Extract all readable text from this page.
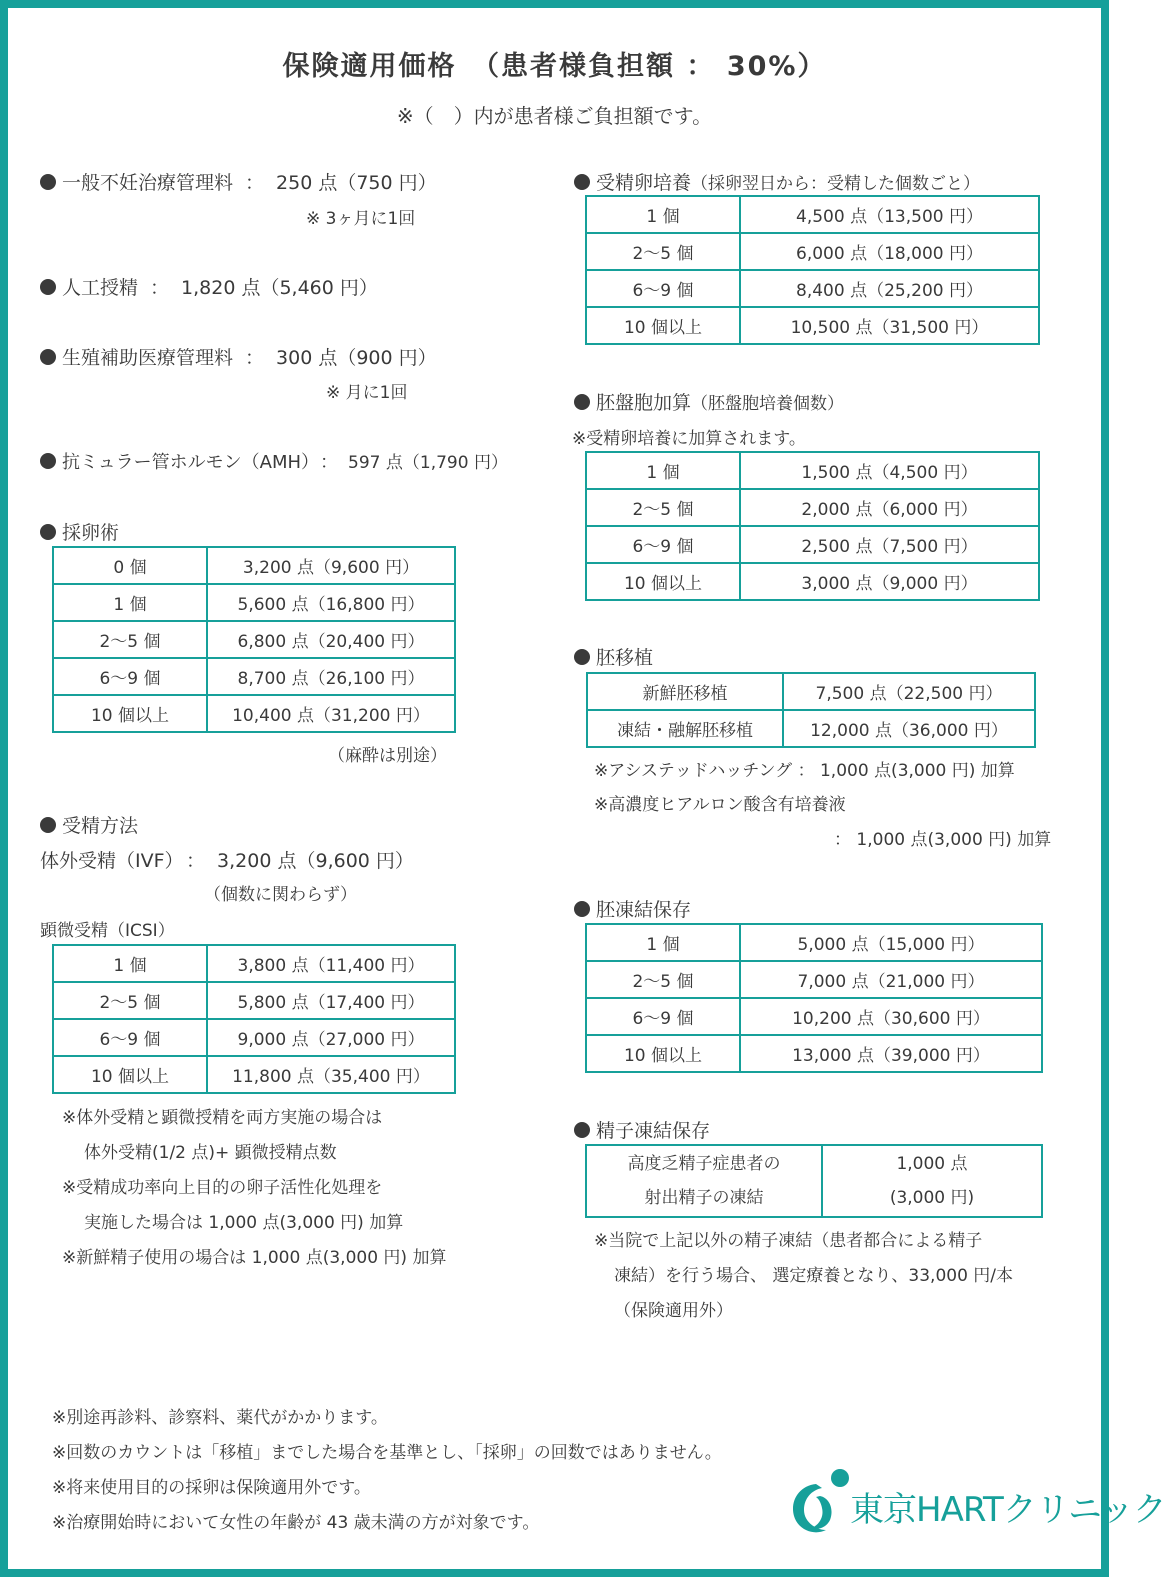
保険適用価格　（患者様負担額 ： 30%）
※（　）内が患者様ご負担額です。
一般不妊治療管理料 ： 250 点（750 円）
※ 3ヶ月に1回
人工授精 ： 1,820 点（5,460 円）
生殖補助医療管理料 ： 300 点（900 円）
※ 月に1回
抗ミュラー管ホルモン（AMH） ： 597 点（1,790 円）
採卵術
0 個	3,200 点（9,600 円）
1 個	5,600 点（16,800 円）
2〜5 個	6,800 点（20,400 円）
6〜9 個	8,700 点（26,100 円）
10 個以上	10,400 点（31,200 円）
（麻酔は別途）
受精方法
体外受精（IVF） ： 3,200 点（9,600 円）
（個数に関わらず）
顕微受精（ICSI）
1 個	3,800 点（11,400 円）
2〜5 個	5,800 点（17,400 円）
6〜9 個	9,000 点（27,000 円）
10 個以上	11,800 点（35,400 円）
※体外受精と顕微授精を両方実施の場合は
体外受精(1/2 点)+ 顕微授精点数
※受精成功率向上目的の卵子活性化処理を
実施した場合は 1,000 点(3,000 円) 加算
※新鮮精子使用の場合は 1,000 点(3,000 円) 加算
受精卵培養（採卵翌日から：受精した個数ごと）
1 個	4,500 点（13,500 円）
2〜5 個	6,000 点（18,000 円）
6〜9 個	8,400 点（25,200 円）
10 個以上	10,500 点（31,500 円）
胚盤胞加算（胚盤胞培養個数）
※受精卵培養に加算されます。
1 個	1,500 点（4,500 円）
2〜5 個	2,000 点（6,000 円）
6〜9 個	2,500 点（7,500 円）
10 個以上	3,000 点（9,000 円）
胚移植
新鮮胚移植	7,500 点（22,500 円）
凍結・融解胚移植	12,000 点（36,000 円）
※アシステッドハッチング ： 1,000 点(3,000 円) 加算
※高濃度ヒアルロン酸含有培養液
： 1,000 点(3,000 円) 加算
胚凍結保存
1 個	5,000 点（15,000 円）
2〜5 個	7,000 点（21,000 円）
6〜9 個	10,200 点（30,600 円）
10 個以上	13,000 点（39,000 円）
精子凍結保存
高度乏精子症患者の
射出精子の凍結

1,000 点
(3,000 円)
※当院で上記以外の精子凍結（患者都合による精子
凍結）を行う場合、 選定療養となり、33,000 円/本
（保険適用外）
※別途再診料、診察料、薬代がかかります。
※回数のカウントは「移植」までした場合を基準とし、「採卵」の回数ではありません。
※将来使用目的の採卵は保険適用外です。
※治療開始時において女性の年齢が 43 歳未満の方が対象です。	東京HARTクリニック
